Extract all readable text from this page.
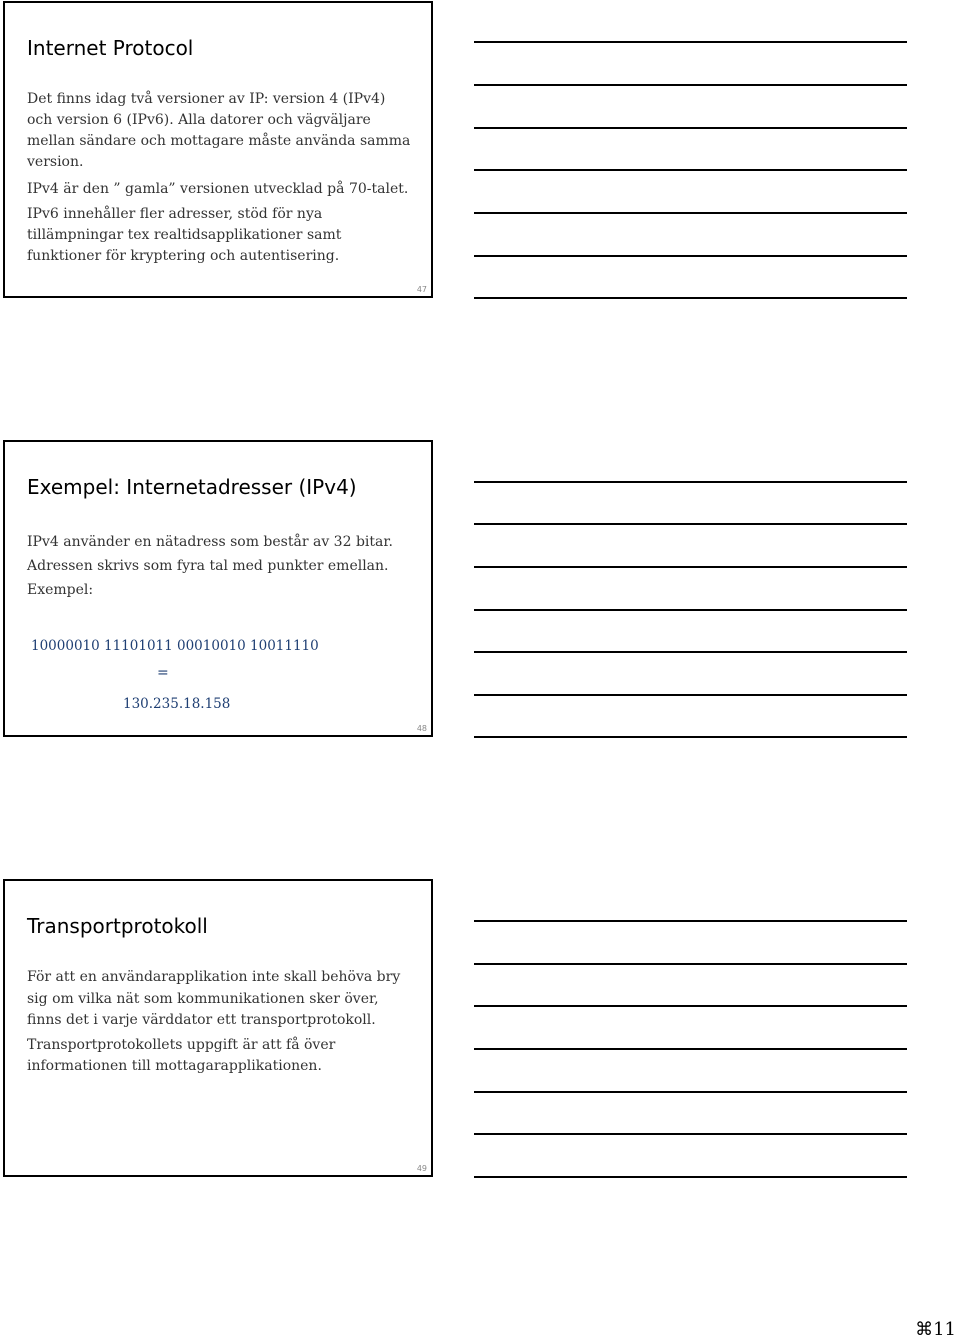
Internet Protocol

Det finns idag två versioner av IP: version 4 (IPv4) och version 6 (IPv6). Alla datorer och vägväljare mellan sändare och mottagare måste använda samma version.

IPv4 är den ” gamla” versionen utvecklad på 70-talet.

IPv6 innehåller fler adresser, stöd för nya tillämpningar tex realtidsapplikationer samt funktioner för kryptering och autentisering.

47
Exempel: Internetadresser (IPv4)

IPv4 använder en nätadress som består av 32 bitar.

Adressen skrivs som fyra tal med punkter emellan.

Exempel:

10000010 11101011 00010010 10011110
=
130.235.18.158
48
Transportprotokoll

För att en användarapplikation inte skall behöva bry sig om vilka nät som kommunikationen sker över, finns det i varje värddator ett transportprotokoll.

Transportprotokollets uppgift är att få över informationen till mottagarapplikationen.

49
⌘11
